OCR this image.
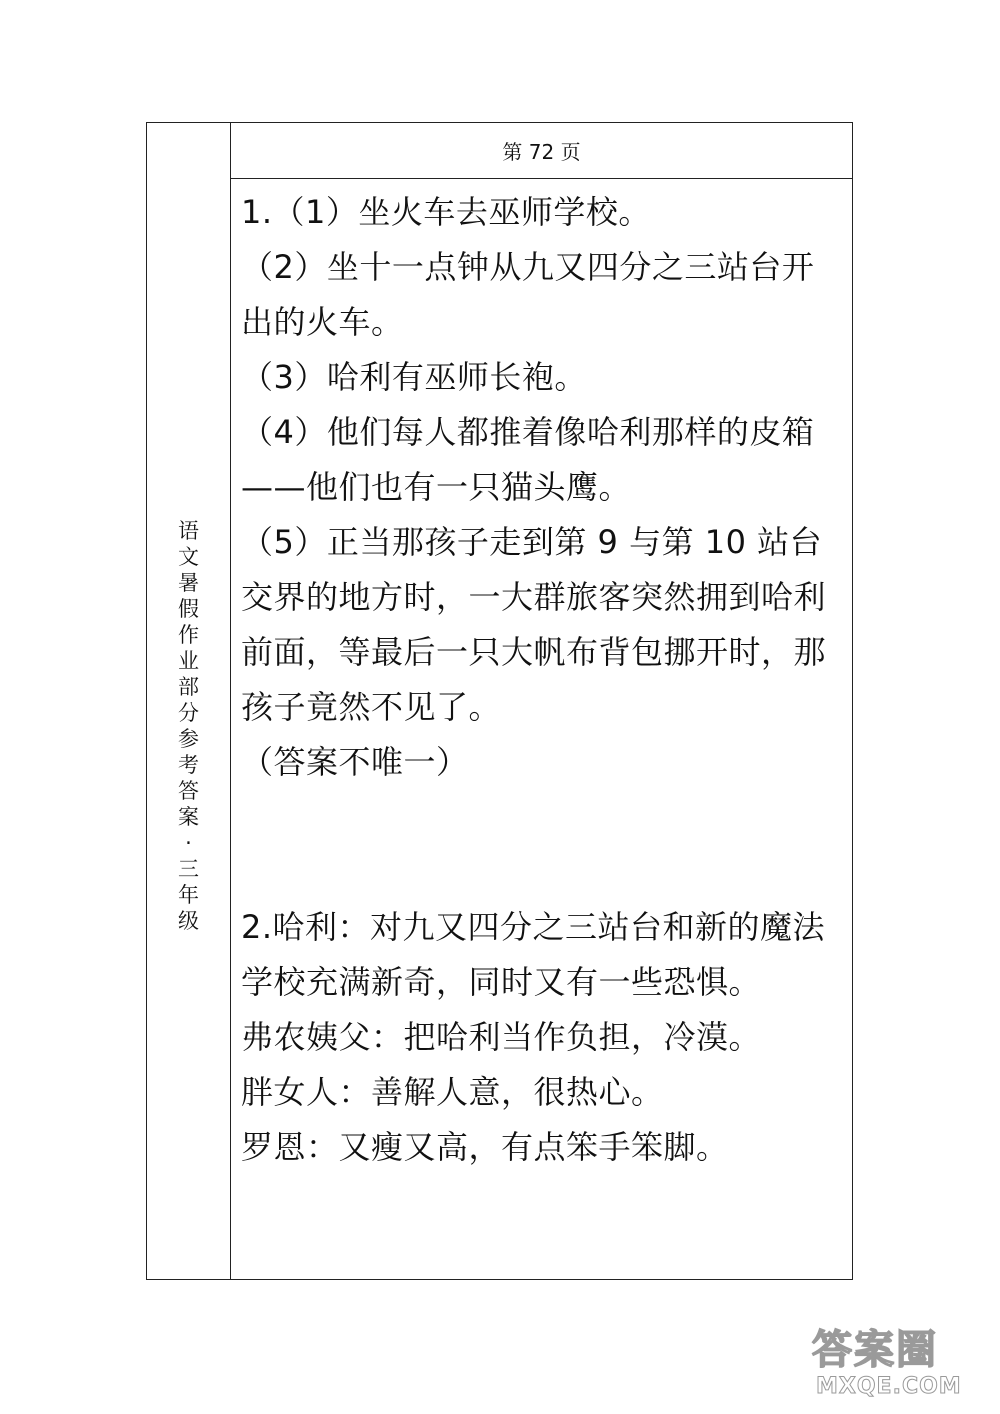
语文暑假作业部分参考答案·三年级
第 72 页

1.（1）坐火车去巫师学校。

（2）坐十一点钟从九又四分之三站台开出的火车。

（3）哈利有巫师长袍。

（4）他们每人都推着像哈利那样的皮箱——他们也有一只猫头鹰。

（5）正当那孩子走到第 9 与第 10 站台交界的地方时，一大群旅客突然拥到哈利前面，等最后一只大帆布背包挪开时，那孩子竟然不见了。

（答案不唯一）

2.哈利：对九又四分之三站台和新的魔法学校充满新奇，同时又有一些恐惧。

弗农姨父：把哈利当作负担，冷漠。

胖女人：善解人意，很热心。

罗恩：又瘦又高，有点笨手笨脚。

答案圈
MXQE.COM
